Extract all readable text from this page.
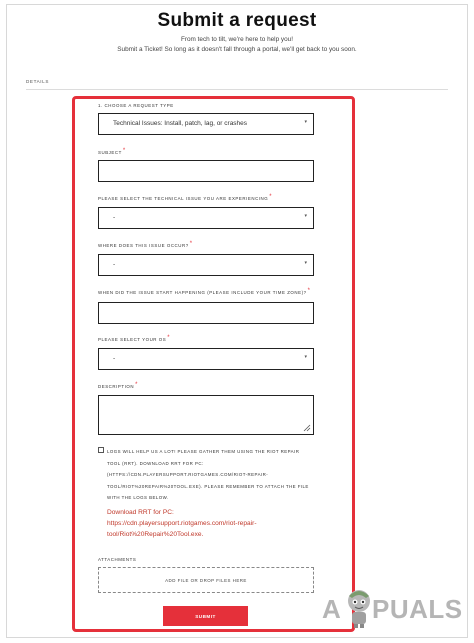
Submit a request
From tech to tilt, we're here to help you!
Submit a Ticket! So long as it doesn't fall through a portal, we'll get back to you soon.
DETAILS
1. CHOOSE A REQUEST TYPE
Technical Issues: Install, patch, lag, or crashes	▾
SUBJECT*
PLEASE SELECT THE TECHNICAL ISSUE YOU ARE EXPERIENCING*
-	▾
WHERE DOES THIS ISSUE OCCUR?*
-	▾
WHEN DID THE ISSUE START HAPPENING (PLEASE INCLUDE YOUR TIME ZONE)?*
PLEASE SELECT YOUR OS*
-	▾
DESCRIPTION*
LOGS WILL HELP US A LOT! PLEASE GATHER THEM USING THE RIOT REPAIR
TOOL (RRT). DOWNLOAD RRT FOR PC:
(HTTPS://CDN.PLAYERSUPPORT.RIOTGAMES.COM/RIOT-REPAIR-
TOOL/RIOT%20REPAIR%20TOOL.EXE). PLEASE REMEMBER TO ATTACH THE FILE
WITH THE LOGS BELOW.
Download RRT for PC:
https://cdn.playersupport.riotgames.com/riot-repair-
tool/Riot%20Repair%20Tool.exe.
ATTACHMENTS
ADD FILE OR DROP FILES HERE
SUBMIT	A PUALS
